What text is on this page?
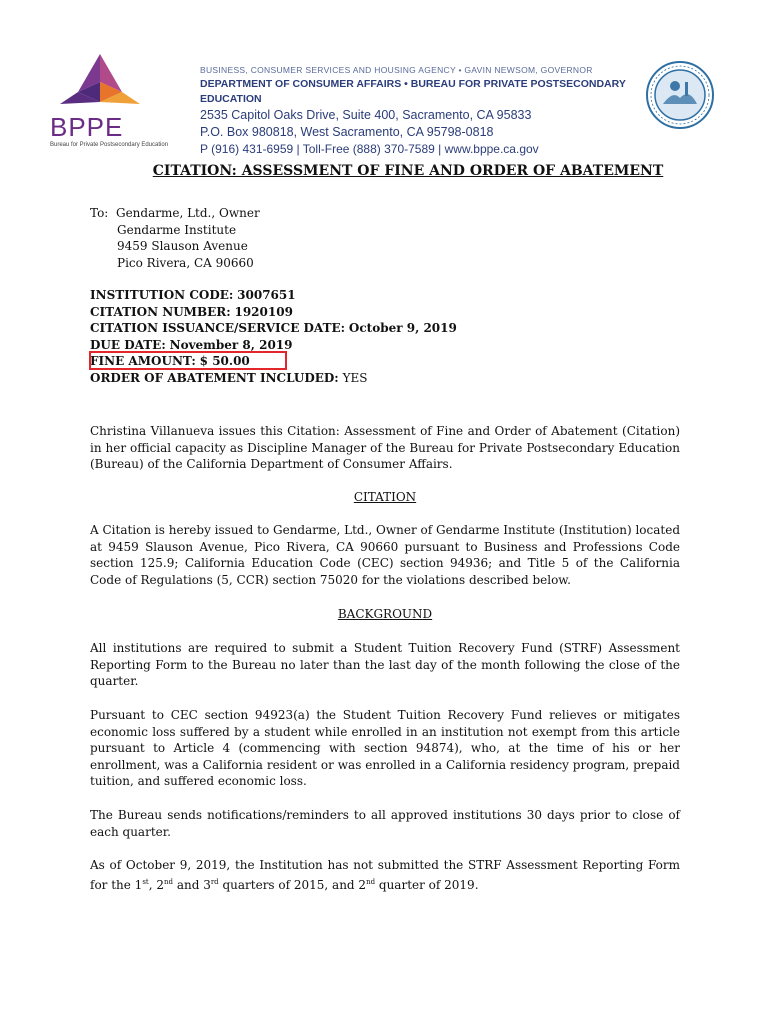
BPPE
Bureau for Private Postsecondary Education
BUSINESS, CONSUMER SERVICES AND HOUSING AGENCY • GAVIN NEWSOM, GOVERNOR
DEPARTMENT OF CONSUMER AFFAIRS • BUREAU FOR PRIVATE POSTSECONDARY EDUCATION
2535 Capitol Oaks Drive, Suite 400, Sacramento, CA 95833
P.O. Box 980818, West Sacramento, CA 95798-0818
P (916) 431-6959 | Toll-Free (888) 370-7589 | www.bppe.ca.gov
CITATION: ASSESSMENT OF FINE AND ORDER OF ABATEMENT
To: Gendarme, Ltd., Owner
Gendarme Institute
9459 Slauson Avenue
Pico Rivera, CA 90660
INSTITUTION CODE: 3007651
CITATION NUMBER: 1920109
CITATION ISSUANCE/SERVICE DATE: October 9, 2019
DUE DATE: November 8, 2019
FINE AMOUNT: $ 50.00
ORDER OF ABATEMENT INCLUDED: YES

Christina Villanueva issues this Citation: Assessment of Fine and Order of Abatement (Citation) in her official capacity as Discipline Manager of the Bureau for Private Postsecondary Education (Bureau) of the California Department of Consumer Affairs.

CITATION

A Citation is hereby issued to Gendarme, Ltd., Owner of Gendarme Institute (Institution) located at 9459 Slauson Avenue, Pico Rivera, CA 90660 pursuant to Business and Professions Code section 125.9; California Education Code (CEC) section 94936; and Title 5 of the California Code of Regulations (5, CCR) section 75020 for the violations described below.

BACKGROUND

All institutions are required to submit a Student Tuition Recovery Fund (STRF) Assessment Reporting Form to the Bureau no later than the last day of the month following the close of the quarter.

Pursuant to CEC section 94923(a) the Student Tuition Recovery Fund relieves or mitigates economic loss suffered by a student while enrolled in an institution not exempt from this article pursuant to Article 4 (commencing with section 94874), who, at the time of his or her enrollment, was a California resident or was enrolled in a California residency program, prepaid tuition, and suffered economic loss.

The Bureau sends notifications/reminders to all approved institutions 30 days prior to close of each quarter.

As of October 9, 2019, the Institution has not submitted the STRF Assessment Reporting Form for the 1st, 2nd and 3rd quarters of 2015, and 2nd quarter of 2019.
